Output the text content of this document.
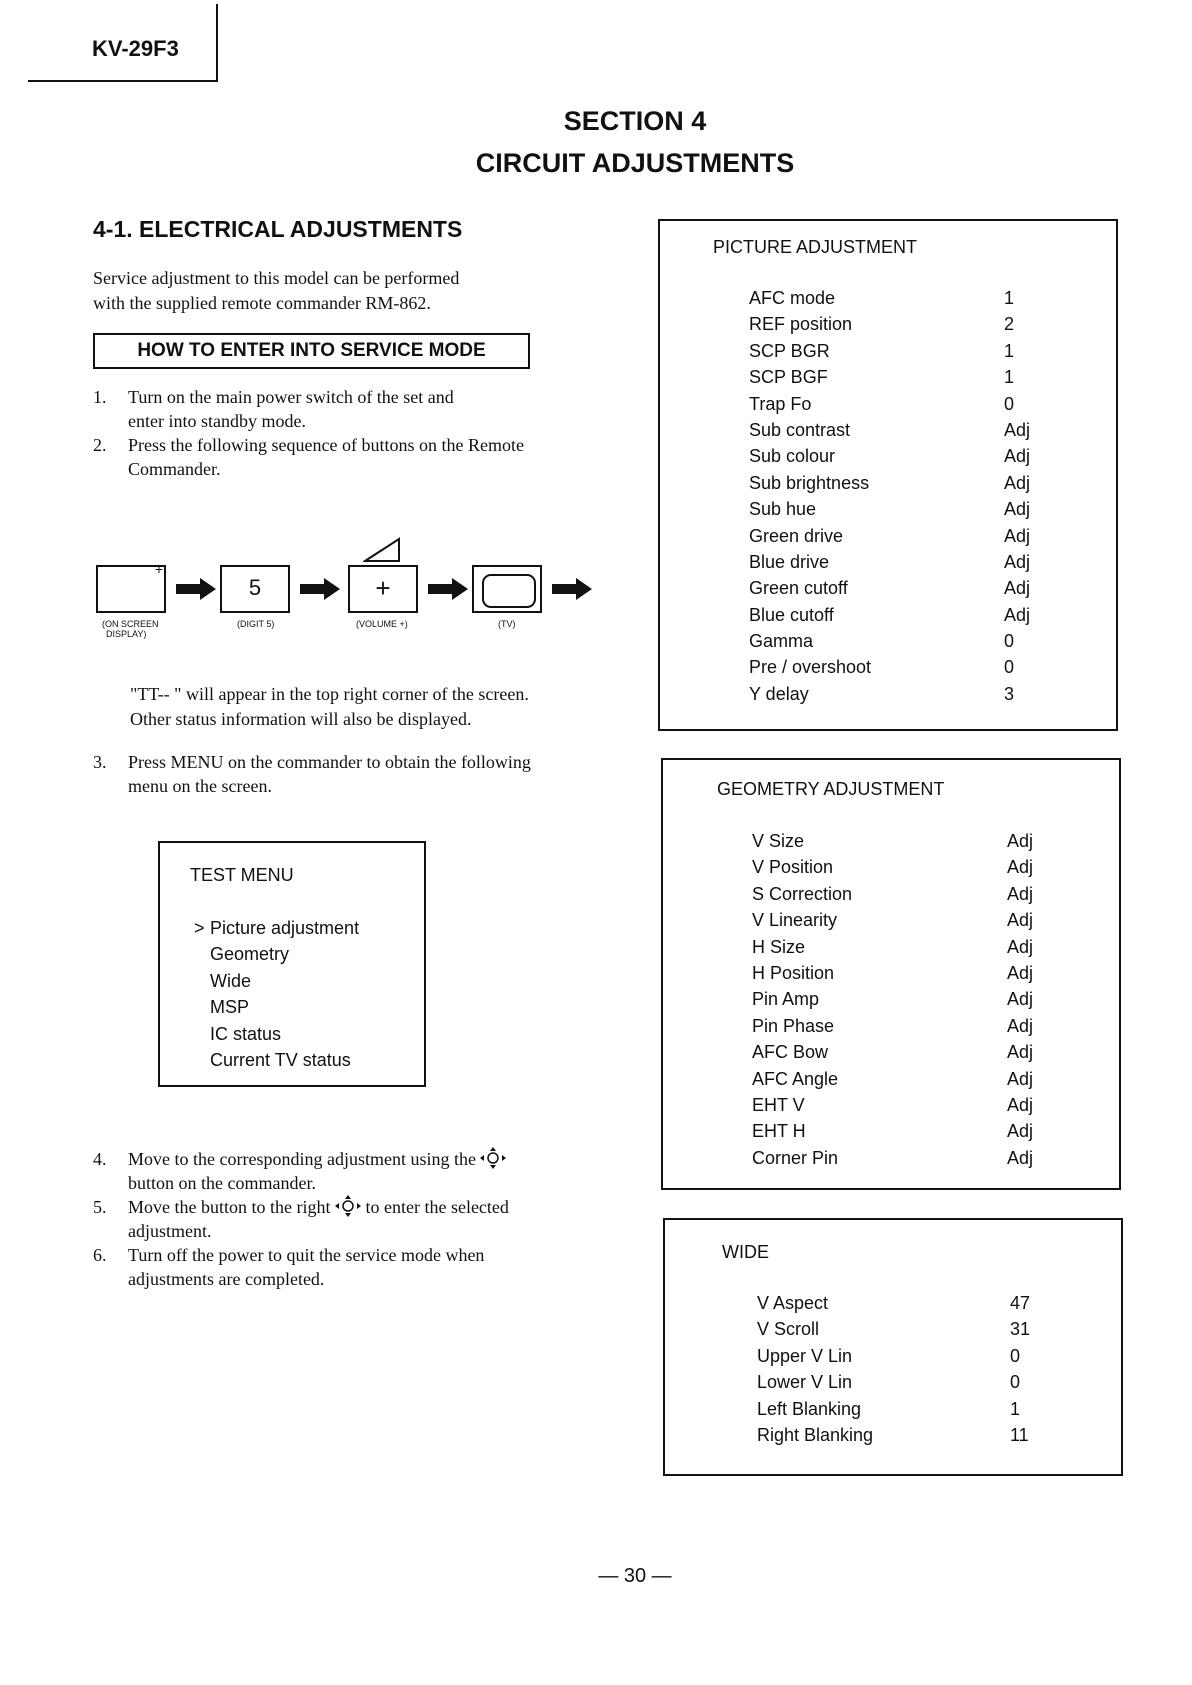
KV-29F3
SECTION 4
CIRCUIT ADJUSTMENTS
4-1. ELECTRICAL ADJUSTMENTS
Service adjustment to this model can be performed
with the supplied remote commander RM-862.
HOW TO ENTER INTO SERVICE MODE
1.	Turn on the main power switch of the set and
enter into standby mode.
2.	Press the following sequence of buttons on the Remote
Commander.
+
5	+
(ON SCREEN
DISPLAY)
(DIGIT 5)	(VOLUME +)	(TV)
"TT-- " will appear in the top right corner of the screen.
Other status information will also be displayed.
3.	Press MENU on the commander to obtain the following
menu on the screen.
TEST MENU
> Picture adjustment
Geometry
Wide
MSP
IC status
Current TV status
4.	Move to the corresponding adjustment using the
button on the commander.
5.	Move the button to the right to enter the selected
adjustment.
6.	Turn off the power to quit the service mode when
adjustments are completed.
PICTURE ADJUSTMENT
AFC mode	1
REF position	2
SCP BGR	1
SCP BGF	1
Trap Fo	0
Sub contrast	Adj
Sub colour	Adj
Sub brightness	Adj
Sub hue	Adj
Green drive	Adj
Blue drive	Adj
Green cutoff	Adj
Blue cutoff	Adj
Gamma	0
Pre / overshoot	0
Y delay	3
GEOMETRY ADJUSTMENT
V Size	Adj
V Position	Adj
S Correction	Adj
V Linearity	Adj
H Size	Adj
H Position	Adj
Pin Amp	Adj
Pin Phase	Adj
AFC Bow	Adj
AFC Angle	Adj
EHT V	Adj
EHT H	Adj
Corner Pin	Adj
WIDE
V Aspect	47
V Scroll	31
Upper V Lin	0
Lower V Lin	0
Left Blanking	1
Right Blanking	11
— 30 —
